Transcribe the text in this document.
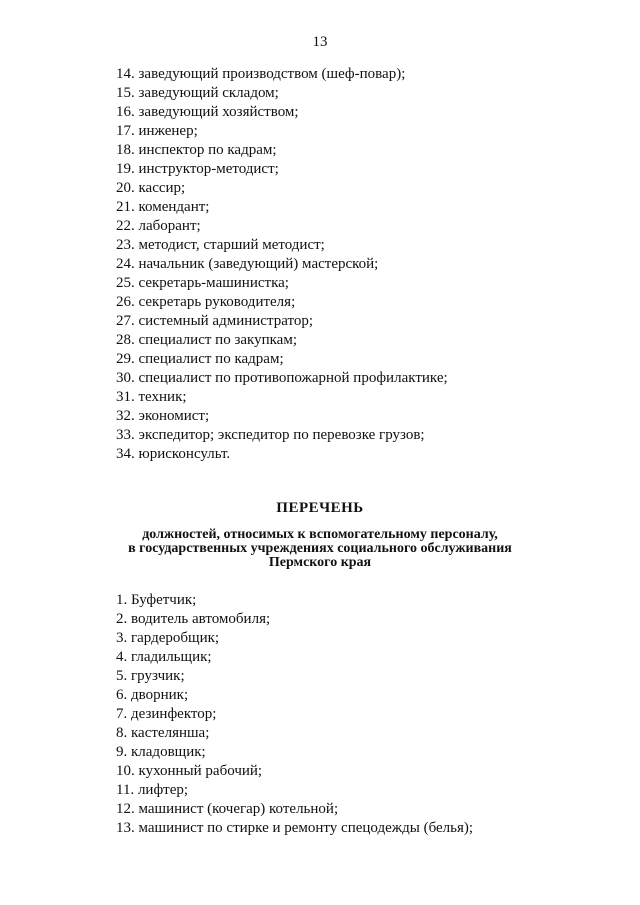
13
14. заведующий производством (шеф-повар);
15. заведующий складом;
16. заведующий хозяйством;
17. инженер;
18. инспектор по кадрам;
19. инструктор-методист;
20. кассир;
21. комендант;
22. лаборант;
23. методист, старший методист;
24. начальник (заведующий) мастерской;
25. секретарь-машинистка;
26. секретарь руководителя;
27. системный администратор;
28. специалист по закупкам;
29. специалист по кадрам;
30. специалист по противопожарной профилактике;
31. техник;
32. экономист;
33. экспедитор; экспедитор по перевозке грузов;
34. юрисконсульт.
ПЕРЕЧЕНЬ
должностей, относимых к вспомогательному персоналу,
в государственных учреждениях социального обслуживания
Пермского края
1. Буфетчик;
2. водитель автомобиля;
3. гардеробщик;
4. гладильщик;
5. грузчик;
6. дворник;
7. дезинфектор;
8. кастелянша;
9. кладовщик;
10. кухонный рабочий;
11. лифтер;
12. машинист (кочегар) котельной;
13. машинист по стирке и ремонту спецодежды (белья);
